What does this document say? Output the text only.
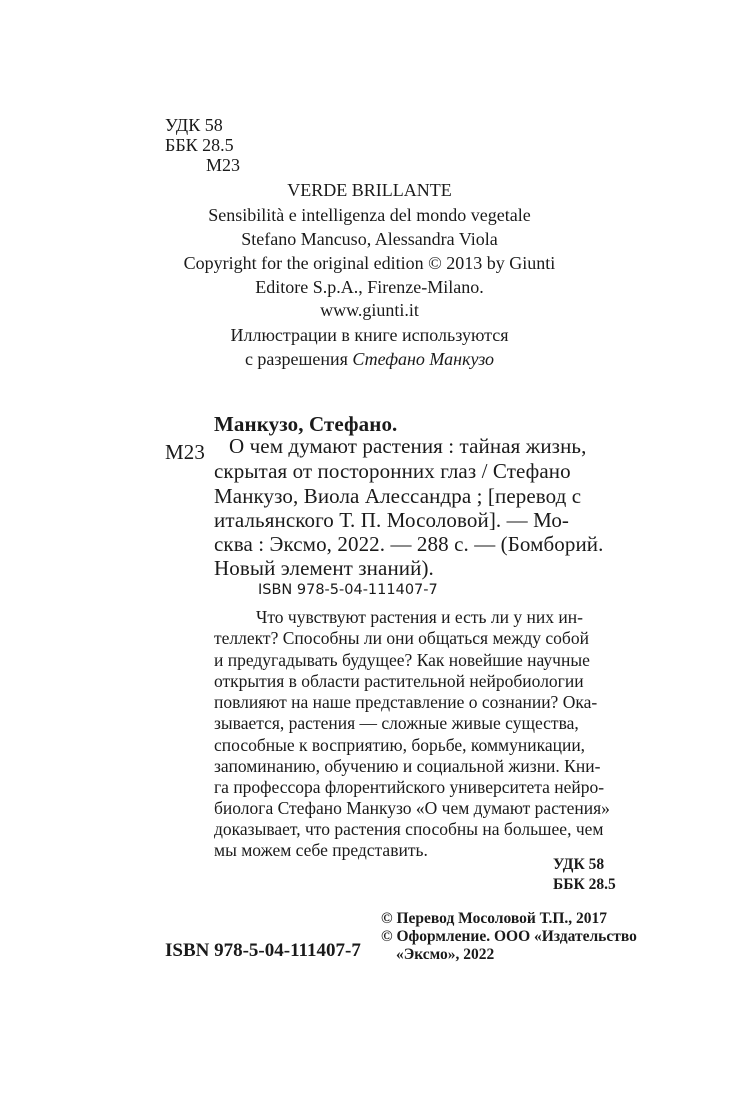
УДК 58
ББК 28.5
М23
VERDE BRILLANTE
Sensibilità e intelligenza del mondo vegetale
Stefano Mancuso, Alessandra Viola
Copyright for the original edition © 2013 by Giunti
Editore S.p.A., Firenze-Milano.
www.giunti.it
Иллюстрации в книге используются
с разрешения Стефано Манкузо
Манкузо, Стефано.
М23 О чем думают растения : тайная жизнь,
скрытая от посторонних глаз / Стефано
Манкузо, Виола Алессандра ; [перевод с
итальянского Т. П. Мосоловой]. — Мо-
сква : Эксмо, 2022. — 288 с. — (Бомборий.
Новый элемент знаний).
ISBN 978-5-04-111407-7
Что чувствуют растения и есть ли у них ин-
теллект? Способны ли они общаться между собой
и предугадывать будущее? Как новейшие научные
открытия в области растительной нейробиологии
повлияют на наше представление о сознании? Ока-
зывается, растения — сложные живые существа,
способные к восприятию, борьбе, коммуникации,
запоминанию, обучению и социальной жизни. Кни-
га профессора флорентийского университета нейро-
биолога Стефано Манкузо «О чем думают растения»
доказывает, что растения способны на большее, чем
мы можем себе представить.
УДК 58
ББК 28.5
© Перевод Мосоловой Т.П., 2017
© Оформление. ООО «Издательство
«Эксмо», 2022
ISBN 978-5-04-111407-7
